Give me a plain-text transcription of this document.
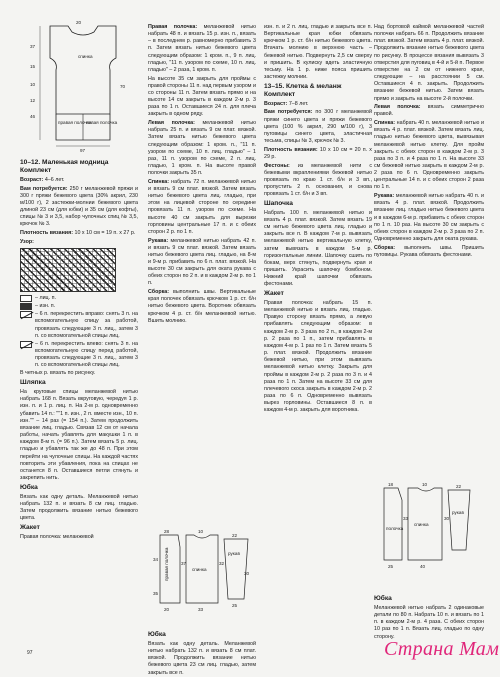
спинка
правая полочка
левая полочка
20
37
15
10
12
46
70
97
10–12. Маленькая модница Комплект

Возраст: 4–6 лет.

Вам потребуется: 250 г меланжевой пряжи и 300 г пряжи бежевого цвета (30% акрил, 230 м/100 г), 2 застежки-молнии бежевого цвета длиной 23 см (для юбки) и 35 см (для кофты), спицы № 3 и 3,5, набор чулочных спиц № 3,5, крючок № 3.

Плотность вязания: 10 х 10 см = 19 п. х 27 р.

Узор:

– лиц. п.
– изн. п.
– 6 п. перекрестить вправо: снять 3 п. на вспомогательную спицу за работой, провязать следующие 3 п. лиц., затем 3 п. со вспомогательной спицы лиц.
– 6 п. перекрестить влево: снять 3 п. на вспомогательную спицу перед работой, провязать следующие 3 п. лиц., затем 3 п. со вспомогательной спицы лиц.

В четных р. вязать по рисунку.

Шляпка

На круговые спицы меланжевой нитью набрать 168 п. Вязать вкруговую, чередуя 1 р. изн. п. и 1 р. лиц. п. На 2-м р. одновременно убавить 14 п.: ""1 п. изн., 2 п. вместе изн., 10 п. изн."" – 14 раз (= 154 п.). Затем продолжить вязание лиц. гладью. Связав 12 см от начала работы, начать убавлять для макушки 1 п. в каждом 8-м п. (= 96 п.). Затем вязать 5 р. лиц. гладью и убавлять так же до 48 п. При этом перейти на чулочные спицы. На каждой частях повторить эти убавления, пока на спицах не останется 8 п. Оставшиеся петли стянуть и закрепить нить.

Юбка

Вязать как одну деталь. Меланжевой нитью набрать 132 п. и вязать 8 см лиц. гладью. Затем продолжить вязание нитью бежевого цвета.

Жакет

Правая полочка: меланжевой

Правая полочка: меланжевой нитью набрать 48 п. и вязать 15 р. изн. п., вязать – в последнем р. равномерно прибавить 3 п. Затем вязать нитью бежевого цвета следующим образом: 1 кром. п., 9 п. лиц. гладью, "11 п. узором по схеме, 10 п. лиц. гладью" – 2 раза, 1 кром. п.

На высоте 35 см закрыть для проймы с правой стороны 11 п. над первым узором и со стороны 11 п. Затем вязать прямо и на высоте 14 см закрыть в каждом 2-м р. 3 раза по 1 п. Оставшиеся 24 п. для плеча закрыть в одном ряду.

Левая полочка: меланжевой нитью набрать 25 п. и вязать 9 см плат. вязкой. Затем вязать нитью бежевого цвета следующим образом: 1 кром. п., "11 п. узором по схеме, 10 п. лиц. гладью" – 1 раз, 11 п. узором по схеме, 2 п. лиц. гладью, 1 кром. п. На высоте правой полочки закрыть 35 п.

Спинка: набрать 72 п. меланжевой нитью и вязать 9 см плат. вязкой. Затем вязать нитью бежевого цвета лиц. гладью, при этом на лицевой стороне по середине провязать 11 п. узором по схеме. На высоте 40 см закрыть для вырезки горловины центральные 17 п. и с обеих сторон 2 р. по 1 п.

Рукава: меланжевой нитью набрать 42 п. и вязать 9 см плат. вязкой. Затем вязать нитью бежевого цвета лиц. гладью, на 8-м и 9-м р. прибавить по 6 п. плат. вязкой. На высоте 30 см закрыть для оката рукава с обеих сторон по 2 п. и в каждом 2-м р. по 1 п.

Сборка: выполнить швы. Вертикальные края полочек обвязать крючком 1 р. ст. б/н нитью бежевого цвета. Воротник обвязать крючком 4 р. ст. б/н меланжевой нитью. Вшить молнию.

правая полочка	спинка
рукав
28	10
22
34
37	32
20	33
25
35
30
Юбка

Вязать как одну деталь. Меланжевой нитью набрать 132 п. и вязать 8 см плат. вязкой. Продолжить вязание нитью бежевого цвета 23 см лиц. гладью, затем закрыть все п.

изн. п. и 2 п. лиц. гладью и закрыть все п. Вертикальные края юбки обвязать крючком 1 р. ст. б/н нитью бежевого цвета. Втачать молнию в верхнюю часть – бежевой нитью. Подвернуть 2,5 см сверху и пришить. В кулиску вдеть эластичную тесьму. На 1 р. ниже пояса пришить застежку молнии.

13–15. Клетка & меланж Комплект

Возраст: 7–8 лет.

Вам потребуется: по 300 г меланжевой пряжи синего цвета и пряжи бежевого цвета (100 % акрил, 290 м/100 г), 3 пуговицы синего цвета, эластичная тесьма, спицы № 3, крючок № 3.

Плотность вязания: 10 х 10 см = 20 п. х 29 р.

Фестоны: из меланжевой нити с бежевыми вкраплениями бежевой нитью провязать по краю 1 ст. б/н и 3 вп., пропустить 2 п. основания, и снова провязать 1 ст. б/н и 3 вп.

Шапочка

Набрать 100 п. меланжевой нитью и вязать 4 р. плат. вязкой. Затем вязать 19 см нитью бежевого цвета лиц. гладью и закрыть все п. В каждом 7-м р. вывязать меланжевой нитью вертикальную клетку, затем вывязать в каждом 5-м р. горизонтальные линии. Шапочку сшить по бокам, верх стянуть, подвернуть края и пришить. Украсить шапочку бомбоном. Нижний край шапочки обвязать фестонами.

Жакет

Правая полочка: набрать 15 п. меланжевой нитью и вязать лиц. гладью. Правую сторону вязать прямо, а левую прибавлять следующим образом: в каждом 2-м р. 3 раза по 2 п., в каждом 2-м р. 2 раза по 1 п., затем прибавлять в каждом 4-м р. 1 раз по 1 п. Затем вязать 5 р. плат. вязкой. Продолжить вязание бежевой нитью, при этом вывязать меланжевой нитью клетку. Закрыть для проймы в каждом 2-м р. 2 раза по 3 п. и 4 раза по 1 п. Затем на высоте 33 см для плечевого скоса закрыть в каждом 2-м р. 2 раза по 6 п. Одновременно вывязать вырез горловины. Оставшиеся 8 п. в каждом 4-м р. закрыть для воротника.

Над бортовой каймой меланжевой частей полочки набрать 66 п. Продолжить вязание плат. вязкой. Затем вязать 4 р. плат. вязкой. Продолжить вязание нитью бежевого цвета по рисунку. В процессе вязания вывязать 3 отверстия для пуговиц в 4-й и 5-й п. Первое отверстие на 2 см от нижнего края, следующие – на расстоянии 5 см. Оставшиеся 4 п. закрыть. Продолжить вязание бежевой нитью. Затем вязать прямо и закрыть на высоте 2-й полочки.

Левая полочка: вязать симметрично правой.

Спинка: набрать 40 п. меланжевой нитью и вязать 4 р. плат. вязкой. Затем вязать лиц. гладью нитью бежевого цвета, вывязывая меланжевой нитью клетку. Для пройм закрыть с обеих сторон в каждом 2-м р. 3 раза по 3 п. и 4 раза по 1 п. На высоте 33 см бежевой нитью закрыть в каждом 2-м р. 2 раза по 6 п. Одновременно закрыть центральные 14 п. и с обеих сторон 2 раза по 1 п.

Рукава: меланжевой нитью набрать 40 п. и вязать 4 р. плат. вязкой. Продолжить вязание лиц. гладью нитью бежевого цвета и в каждом 6-м р. прибавить с обеих сторон по 1 п. 10 раз. На высоте 30 см закрыть с обеих сторон в каждом 2-м р. 3 раза по 2 п. Одновременно закрыть для оката рукава.

Сборка: выполнить швы. Пришить пуговицы. Рукава обвязать фестонами.

полочка
спинка
рукав
18	10
33	30
22
25	40
Юбка

Меланжевой нитью набрать 2 одинаковые детали по 80 п. Набрать 10 п. и вязать по 1 п. в каждом 2-м р. 4 раза. С обеих сторон 10 раз по 1 п. Вязать лиц. гладью по одну сторону.

97	Страна Мам
